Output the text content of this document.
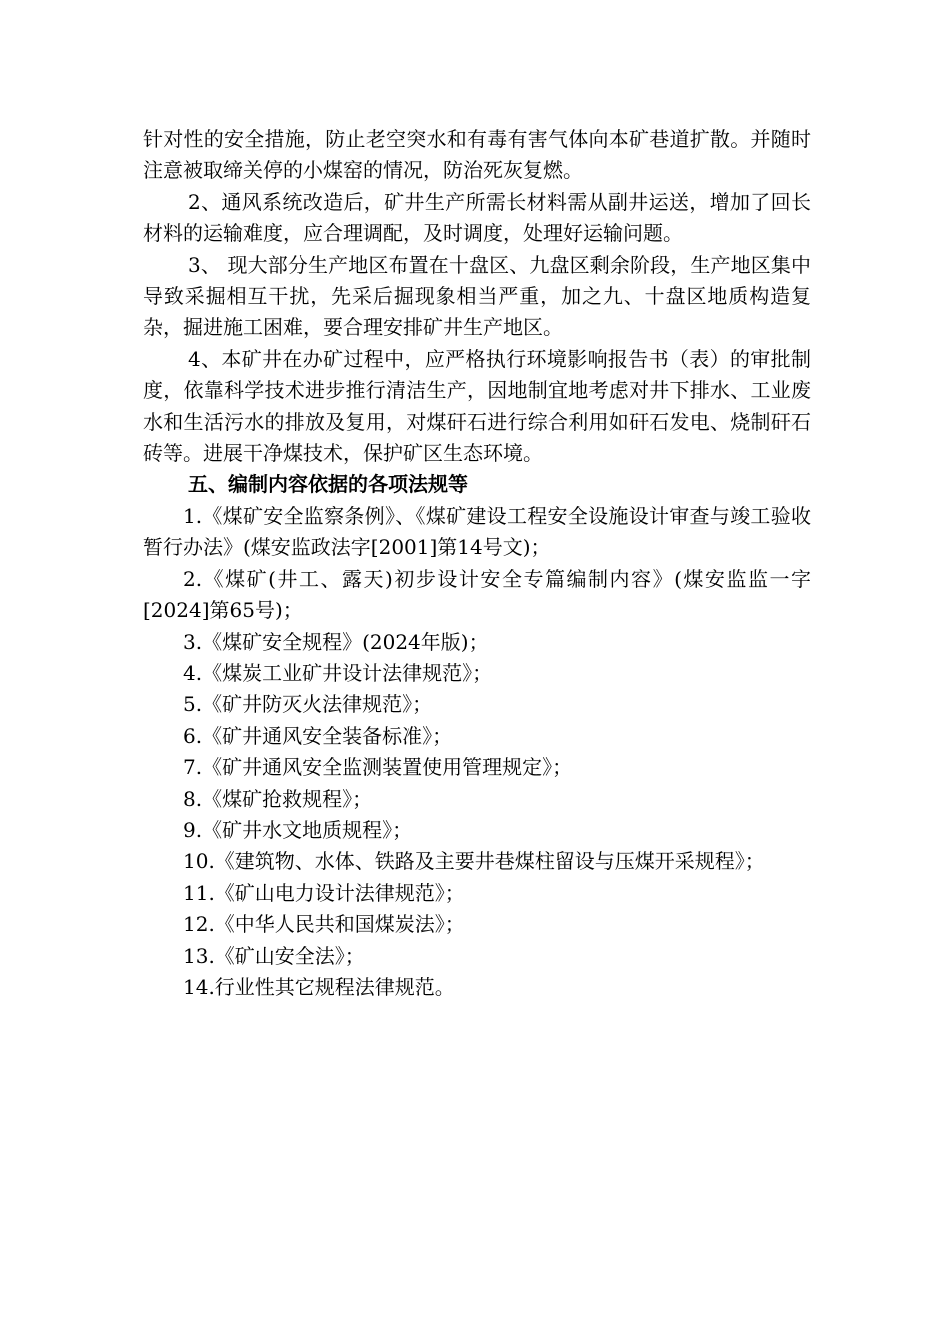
针对性的安全措施，防止老空突水和有毒有害气体向本矿巷道扩散。并随时注意被取缔关停的小煤窑的情况，防治死灰复燃。

2、通风系统改造后，矿井生产所需长材料需从副井运送，增加了回长材料的运输难度，应合理调配，及时调度，处理好运输问题。

3、 现大部分生产地区布置在十盘区、九盘区剩余阶段，生产地区集中导致采掘相互干扰，先采后掘现象相当严重，加之九、十盘区地质构造复杂，掘进施工困难，要合理安排矿井生产地区。

4、本矿井在办矿过程中，应严格执行环境影响报告书（表）的审批制度，依靠科学技术进步推行清洁生产，因地制宜地考虑对井下排水、工业废水和生活污水的排放及复用，对煤矸石进行综合利用如矸石发电、烧制矸石砖等。进展干净煤技术，保护矿区生态环境。

五、编制内容依据的各项法规等

1.《煤矿安全监察条例》、《煤矿建设工程安全设施设计审查与竣工验收暂行办法》(煤安监政法字[2001]第14号文)；

2.《煤矿(井工、露天)初步设计安全专篇编制内容》(煤安监监一字[2024]第65号)；

3.《煤矿安全规程》(2024年版)；

4.《煤炭工业矿井设计法律规范》；

5.《矿井防灭火法律规范》；

6.《矿井通风安全装备标准》；

7.《矿井通风安全监测装置使用管理规定》；

8.《煤矿抢救规程》；

9.《矿井水文地质规程》；

10.《建筑物、水体、铁路及主要井巷煤柱留设与压煤开采规程》；

11.《矿山电力设计法律规范》；

12.《中华人民共和国煤炭法》；

13.《矿山安全法》；

14.行业性其它规程法律规范。
